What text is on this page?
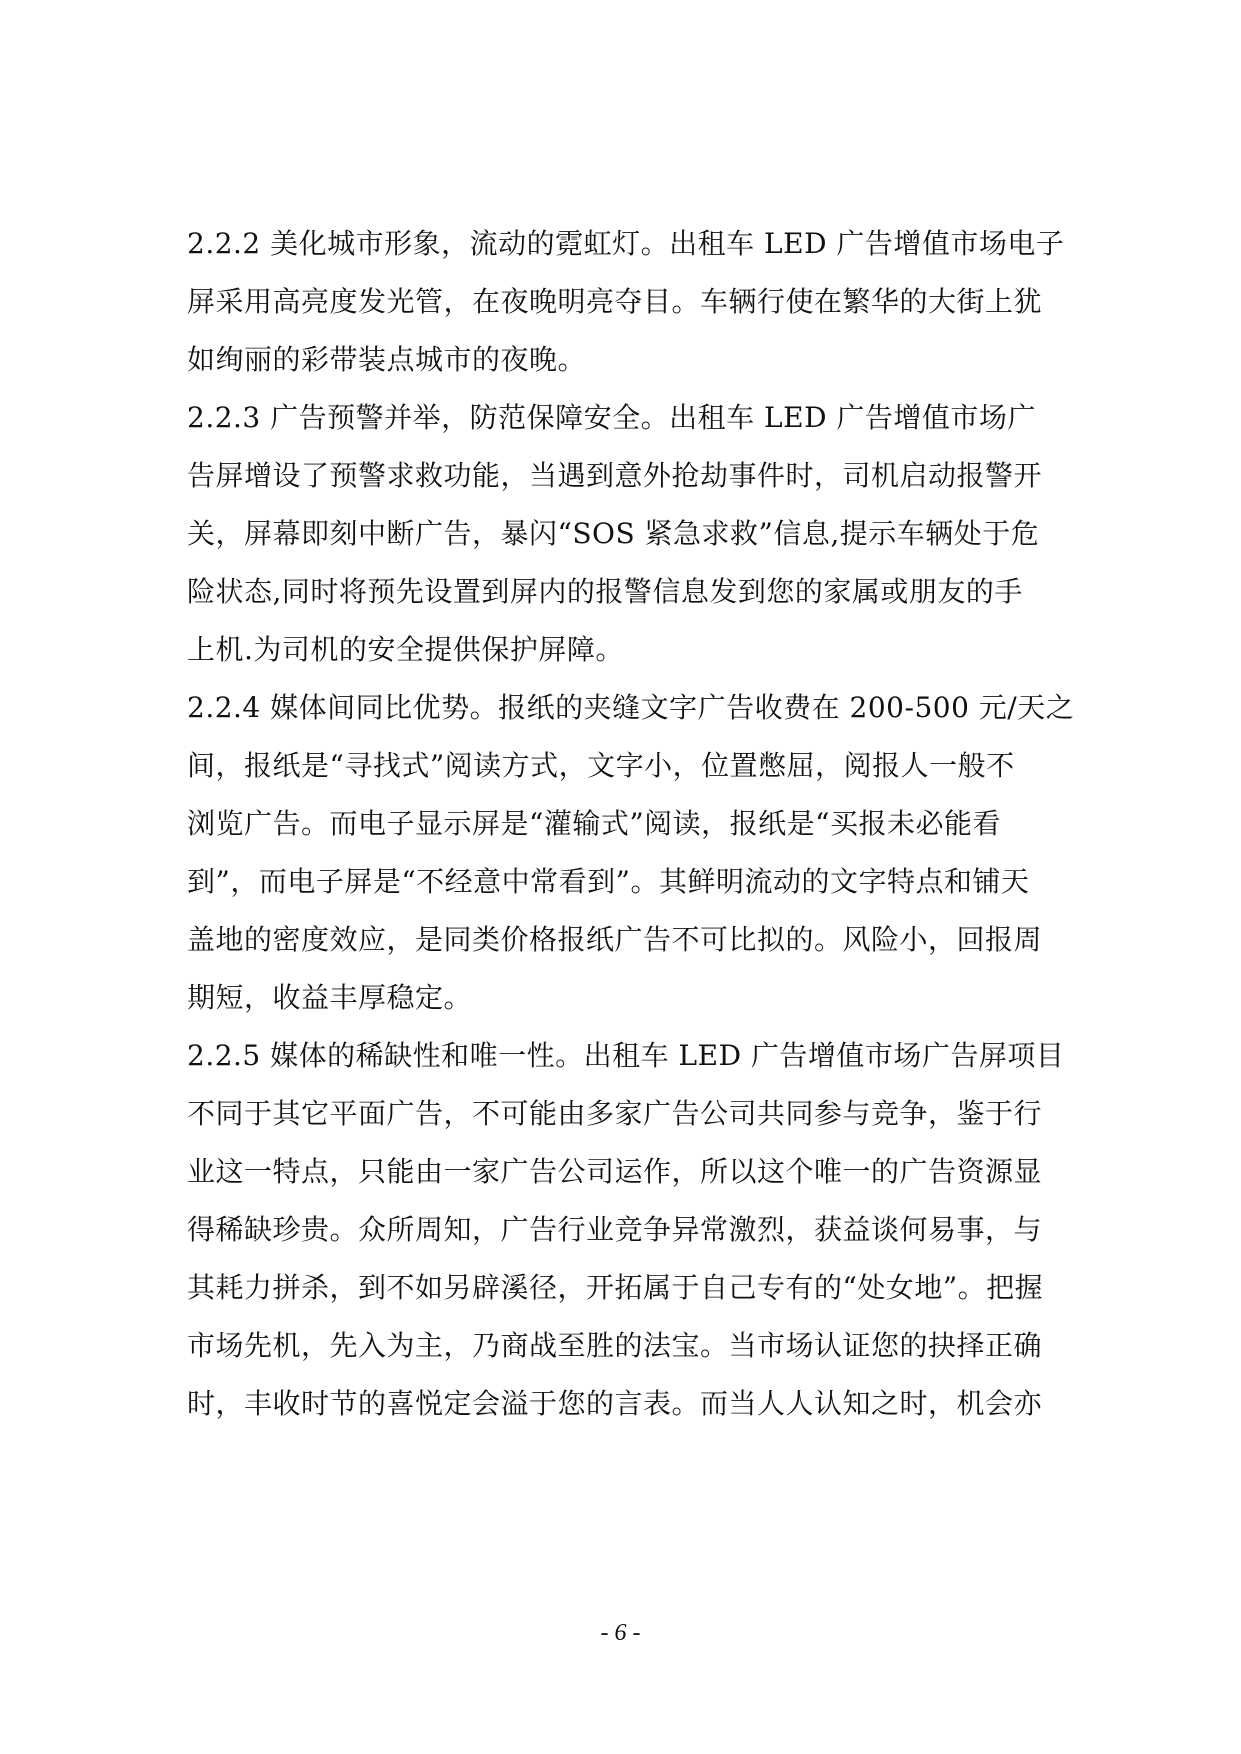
2.2.2 美化城市形象，流动的霓虹灯。出租车 LED 广告增值市场电子
屏采用高亮度发光管，在夜晚明亮夺目。车辆行使在繁华的大街上犹
如绚丽的彩带装点城市的夜晚。
2.2.3 广告预警并举，防范保障安全。出租车 LED 广告增值市场广
告屏增设了预警求救功能，当遇到意外抢劫事件时，司机启动报警开
关，屏幕即刻中断广告，暴闪“SOS 紧急求救”信息,提示车辆处于危
险状态,同时将预先设置到屏内的报警信息发到您的家属或朋友的手
上机.为司机的安全提供保护屏障。
2.2.4 媒体间同比优势。报纸的夹缝文字广告收费在 200-500 元/天之
间，报纸是“寻找式”阅读方式，文字小，位置憋屈，阅报人一般不
浏览广告。而电子显示屏是“灌输式”阅读，报纸是“买报未必能看
到”，而电子屏是“不经意中常看到”。其鲜明流动的文字特点和铺天
盖地的密度效应，是同类价格报纸广告不可比拟的。风险小，回报周
期短，收益丰厚稳定。
2.2.5 媒体的稀缺性和唯一性。出租车 LED 广告增值市场广告屏项目
不同于其它平面广告，不可能由多家广告公司共同参与竞争，鉴于行
业这一特点，只能由一家广告公司运作，所以这个唯一的广告资源显
得稀缺珍贵。众所周知，广告行业竞争异常激烈，获益谈何易事，与
其耗力拼杀，到不如另辟溪径，开拓属于自己专有的“处女地”。把握
市场先机，先入为主，乃商战至胜的法宝。当市场认证您的抉择正确
时，丰收时节的喜悦定会溢于您的言表。而当人人认知之时，机会亦
- 6 -
